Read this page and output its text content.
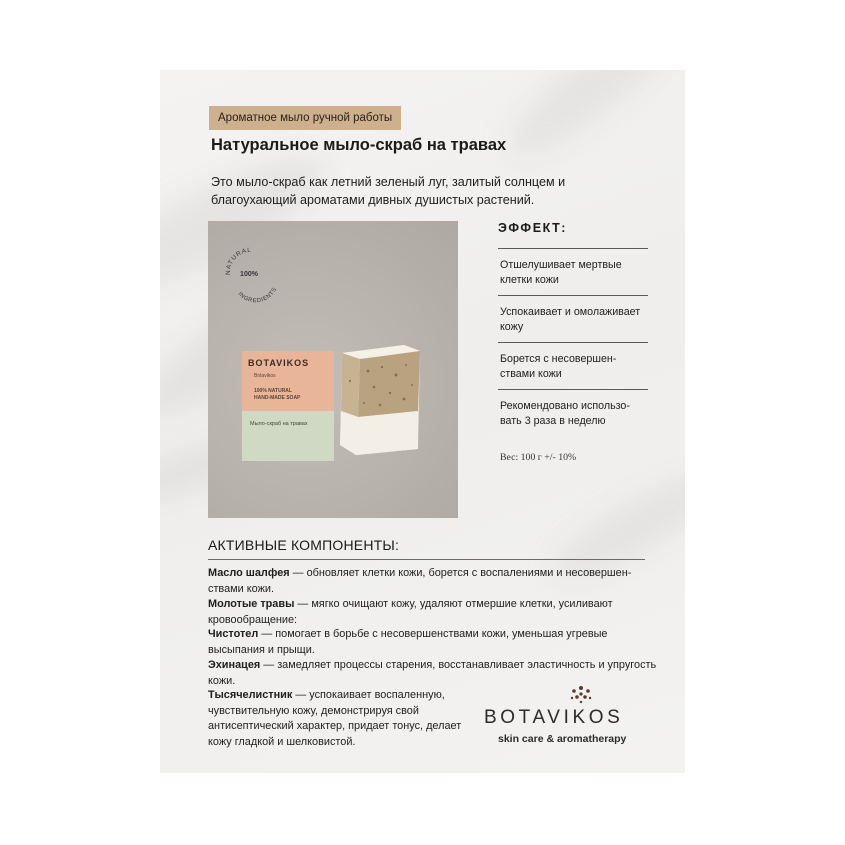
Ароматное мыло ручной работы
Натуральное мыло-скраб на травах
Это мыло-скраб как летний зеленый луг, залитый солнцем и благоухающий ароматами дивных душистых растений.
NATURAL
100%
INGREDIENTS
BOTAVIKOS
Botavikos
100% NATURAL
HAND-MADE SOAP
Мыло-скраб на травах
ЭФФЕКТ:
Отшелушивает мертвые клетки кожи
Успокаивает и омолаживает кожу
Борется с несовершен-ствами кожи
Рекомендовано использо-вать 3 раза в неделю
Вес: 100 г +/- 10%
АКТИВНЫЕ КОМПОНЕНТЫ:
Масло шалфея — обновляет клетки кожи, борется с воспалениями и несовершен-ствами кожи.
Молотые травы — мягко очищают кожу, удаляют отмершие клетки, усиливают кровообращение:
Чистотел — помогает в борьбе с несовершенствами кожи, уменьшая угревые высыпания и прыщи.
Эхинацея — замедляет процессы старения, восстанавливает эластичность и упругость кожи.
Тысячелистник — успокаивает воспаленную, чувствительную кожу, демонстрируя свой антисептический характер, придает тонус, делает кожу гладкой и шелковистой.
BOTAVIKOS
skin care & aromatherapy
